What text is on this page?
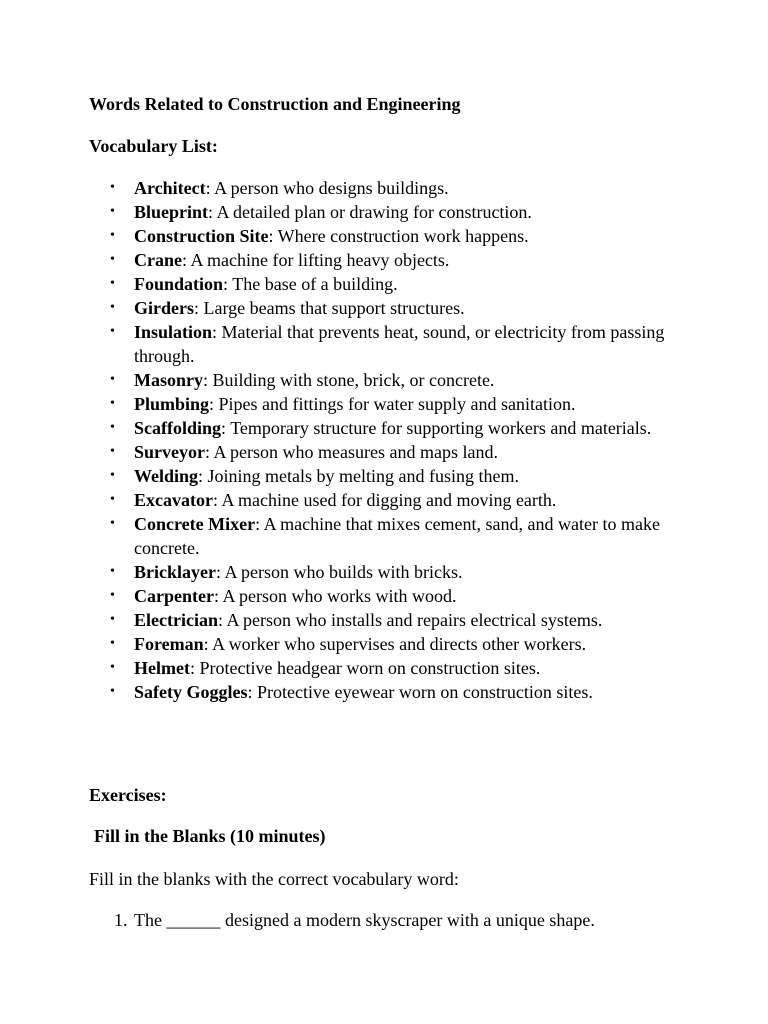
Words Related to Construction and Engineering

Vocabulary List:

• Architect: A person who designs buildings.
• Blueprint: A detailed plan or drawing for construction.
• Construction Site: Where construction work happens.
• Crane: A machine for lifting heavy objects.
• Foundation: The base of a building.
• Girders: Large beams that support structures.
• Insulation: Material that prevents heat, sound, or electricity from passing through.
• Masonry: Building with stone, brick, or concrete.
• Plumbing: Pipes and fittings for water supply and sanitation.
• Scaffolding: Temporary structure for supporting workers and materials.
• Surveyor: A person who measures and maps land.
• Welding: Joining metals by melting and fusing them.
• Excavator: A machine used for digging and moving earth.
• Concrete Mixer: A machine that mixes cement, sand, and water to make concrete.
• Bricklayer: A person who builds with bricks.
• Carpenter: A person who works with wood.
• Electrician: A person who installs and repairs electrical systems.
• Foreman: A worker who supervises and directs other workers.
• Helmet: Protective headgear worn on construction sites.
• Safety Goggles: Protective eyewear worn on construction sites.

Exercises:

Fill in the Blanks (10 minutes)

Fill in the blanks with the correct vocabulary word:

1. The ______ designed a modern skyscraper with a unique shape.
